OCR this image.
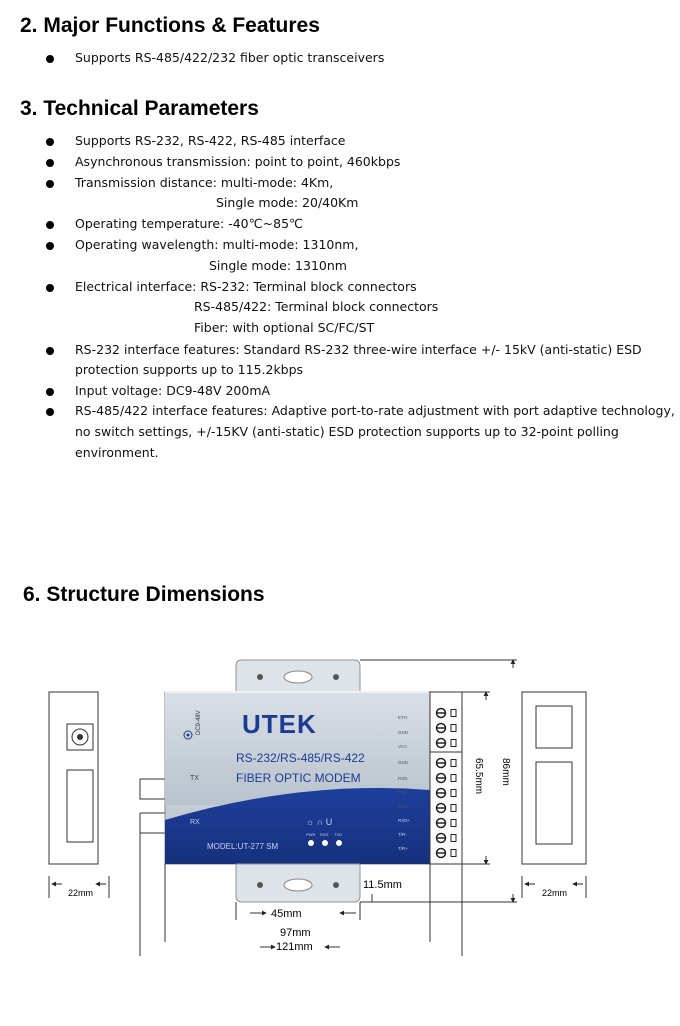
2. Major Functions & Features
Supports RS-485/422/232 fiber optic transceivers
3. Technical Parameters
Supports RS-232, RS-422, RS-485 interface
Asynchronous transmission: point to point, 460kbps
Transmission distance: multi-mode: 4Km,
Single mode: 20/40Km
Operating temperature: -40℃~85℃
Operating wavelength: multi-mode: 1310nm,
Single mode: 1310nm
Electrical interface: RS-232: Terminal block connectors
RS-485/422: Terminal block connectors
Fiber: with optional SC/FC/ST
RS-232 interface features: Standard RS-232 three-wire interface +/- 15kV (anti-static) ESD
protection supports up to 115.2kbps
Input voltage: DC9-48V 200mA
RS-485/422 interface features: Adaptive port-to-rate adjustment with port adaptive technology,
no switch settings, +/-15KV (anti-static) ESD protection supports up to 32-point polling
environment.
6. Structure Dimensions
22mm
UTEK
RS-232/RS-485/RS-422
FIBER OPTIC MODEM
TX
RX
MODEL:UT-277 SM
DC9-48V
PWR RXD TXD
☼ ∩ U
ETH
GND
VCC
GND
RXD
TXD
RXD
RXD+
T/R-
T/R+
22mm
65.5mm 86mm
11.5mm
45mm
97mm
121mm
